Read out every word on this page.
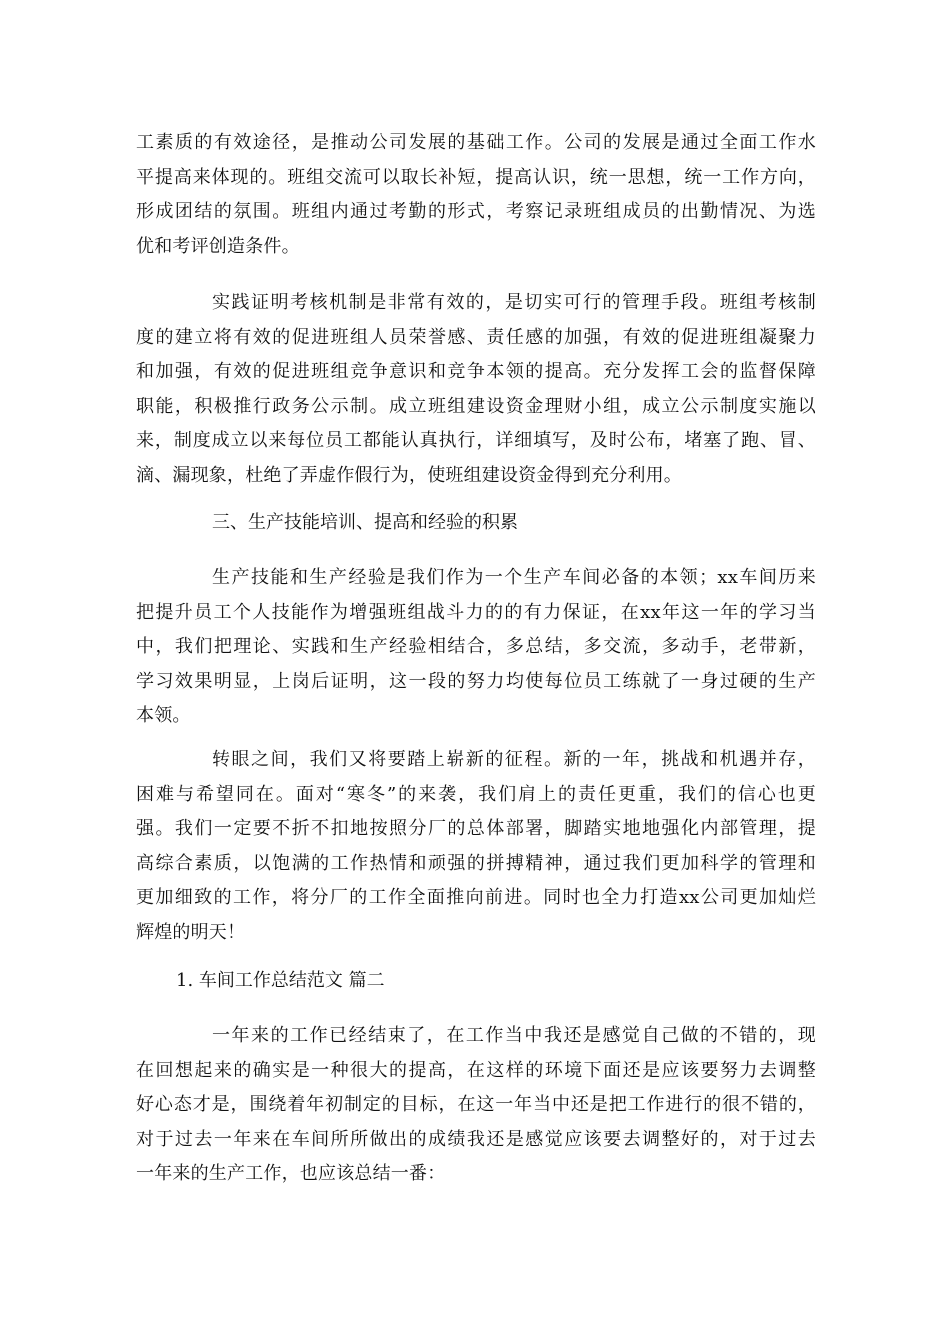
工素质的有效途径，是推动公司发展的基础工作。公司的发展是通过全面工作水
平提高来体现的。班组交流可以取长补短，提高认识，统一思想，统一工作方向，
形成团结的氛围。班组内通过考勤的形式，考察记录班组成员的出勤情况、为选
优和考评创造条件。
实践证明考核机制是非常有效的，是切实可行的管理手段。班组考核制
度的建立将有效的促进班组人员荣誉感、责任感的加强，有效的促进班组凝聚力
和加强，有效的促进班组竞争意识和竞争本领的提高。充分发挥工会的监督保障
职能，积极推行政务公示制。成立班组建设资金理财小组，成立公示制度实施以
来，制度成立以来每位员工都能认真执行，详细填写，及时公布，堵塞了跑、冒、
滴、漏现象，杜绝了弄虚作假行为，使班组建设资金得到充分利用。
三、生产技能培训、提高和经验的积累
生产技能和生产经验是我们作为一个生产车间必备的本领；xx车间历来
把提升员工个人技能作为增强班组战斗力的的有力保证，在xx年这一年的学习当
中，我们把理论、实践和生产经验相结合，多总结，多交流，多动手，老带新，
学习效果明显，上岗后证明，这一段的努力均使每位员工练就了一身过硬的生产
本领。
转眼之间，我们又将要踏上崭新的征程。新的一年，挑战和机遇并存，
困难与希望同在。面对“寒冬”的来袭，我们肩上的责任更重，我们的信心也更
强。我们一定要不折不扣地按照分厂的总体部署，脚踏实地地强化内部管理，提
高综合素质，以饱满的工作热情和顽强的拼搏精神，通过我们更加科学的管理和
更加细致的工作，将分厂的工作全面推向前进。同时也全力打造xx公司更加灿烂
辉煌的明天！
1. 车间工作总结范文 篇二
一年来的工作已经结束了，在工作当中我还是感觉自己做的不错的，现
在回想起来的确实是一种很大的提高，在这样的环境下面还是应该要努力去调整
好心态才是，围绕着年初制定的目标，在这一年当中还是把工作进行的很不错的，
对于过去一年来在车间所所做出的成绩我还是感觉应该要去调整好的，对于过去
一年来的生产工作，也应该总结一番：
